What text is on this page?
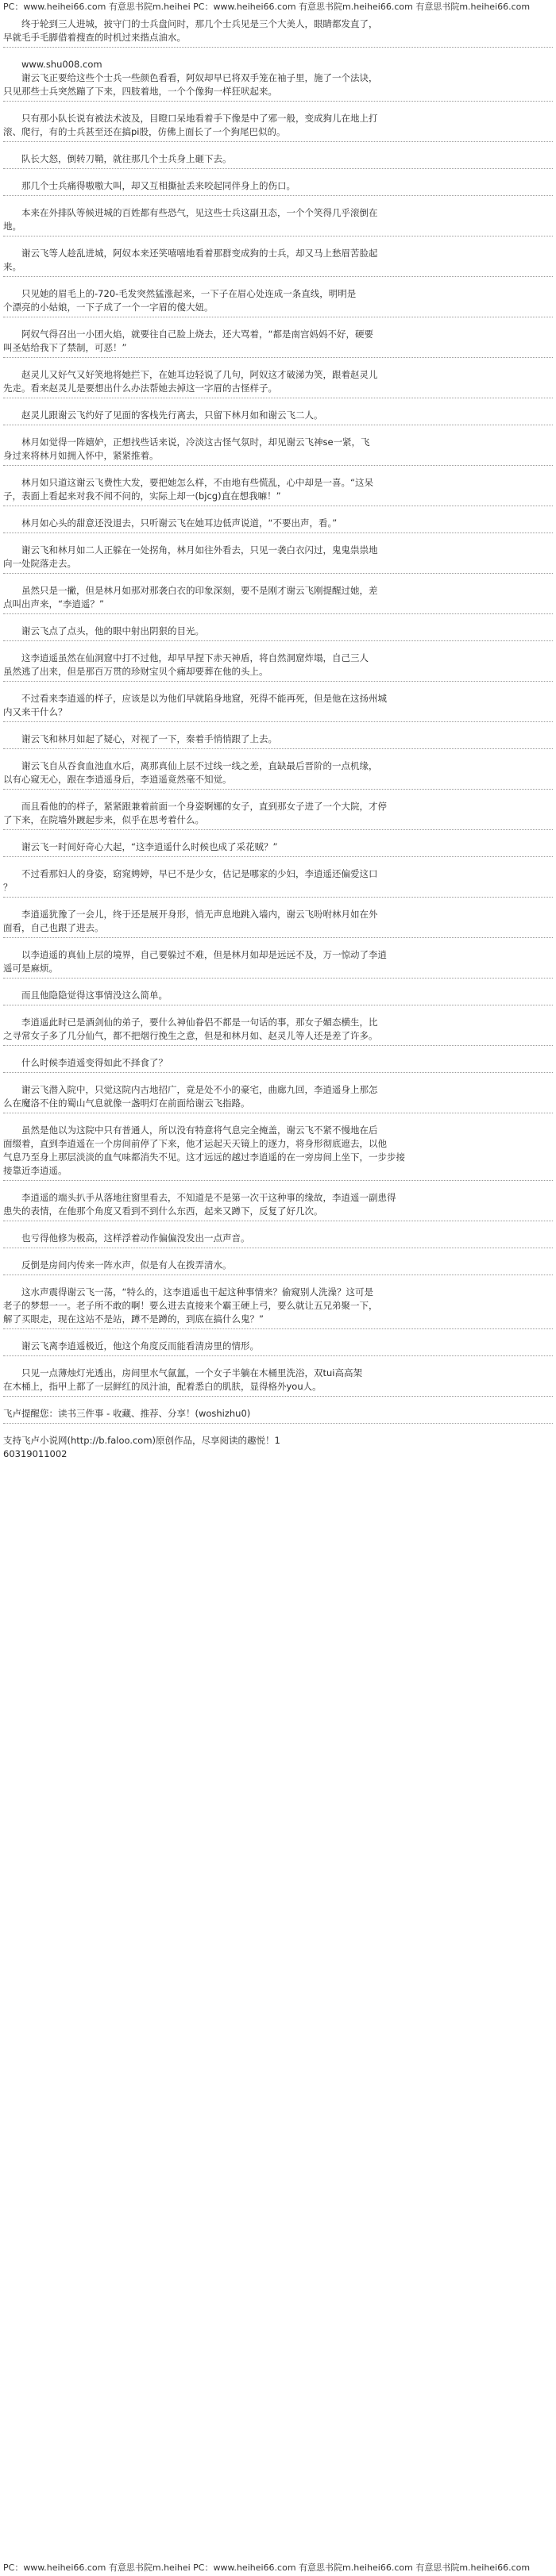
PC：www.heihei66.com 有意思书院m.heihei PC：www.heihei66.com 有意思书院m.heihei66.com 有意思书院m.heihei66.com
　　终于轮到三人进城，披守门的士兵盘问时，那几个士兵见是三个大美人，眼睛都发直了，
早就毛手毛脚借着搜查的时机过来揩点油水。
　　www.shu008.com
　　谢云飞正要给这些个士兵一些颜色看看，阿奴却早已将双手笼在袖子里，施了一个法诀，
只见那些士兵突然蹦了下来，四肢着地，一个个像狗一样狂吠起来。
　　只有那小队长说有被法术波及，目瞪口呆地看着手下像是中了邪一般，变成狗儿在地上打
滚、爬行，有的士兵甚至还在搞pi股，仿佛上面长了一个狗尾巴似的。
　　队长大怒，倒转刀鞘，就往那几个士兵身上砸下去。
　　那几个士兵痛得嗷嗷大叫，却又互相撕扯丢来咬起同伴身上的伤口。
　　本来在外排队等候进城的百姓都有些恐气，见这些士兵这副丑态，一个个笑得几乎滚倒在
地。
　　谢云飞等人趁乱进城，阿奴本来还笑嘻嘻地看着那群变成狗的士兵，却又马上愁眉苦脸起
来。
　　只见她的眉毛上的-720-毛发突然猛涨起来，一下子在眉心处连成一条直线，明明是
个漂亮的小姑娘，一下子成了一个一字眉的傻大妞。
　　阿奴气得召出一小团火焰，就要往自己脸上烧去，还大骂着，“都是南宫妈妈不好，硬要
叫圣姑给我下了禁制，可恶！”
　　赵灵儿又好气又好笑地将她拦下，在她耳边轻说了几句，阿奴这才破涕为笑，跟着赵灵儿
先走。看来赵灵儿是要想出什么办法帮她去掉这一字眉的古怪样子。
　　赵灵儿跟谢云飞约好了见面的客栈先行离去，只留下林月如和谢云飞二人。
　　林月如觉得一阵嬉妒，正想找些话来说，冷淡这古怪气氛时，却见谢云飞神se一紧，飞
身过来将林月如拥入怀中，紧紧推着。
　　林月如只道这谢云飞费性大发，要把她怎么样，不由地有些慌乱，心中却是一喜。“这呆
子，表面上看起来对我不闻不问的，实际上却一(bjcg)直在想我嘛！”
　　林月如心头的甜意还没退去，只听谢云飞在她耳边低声说道，“不要出声，看。”
　　谢云飞和林月如二人正躲在一处拐角，林月如往外看去，只见一袭白衣闪过，鬼鬼祟祟地
向一处院落走去。
　　虽然只是一撇，但是林月如那对那袭白衣的印象深刻，要不是刚才谢云飞刚提醒过她，差
点叫出声来，“李逍遥？”
　　谢云飞点了点头，他的眼中射出阴狠的目光。
　　这李逍遥虽然在仙洞窟中打不过他，却早早捏下赤天神盾，将自然洞窟炸塌，自己三人
虽然逃了出来，但是那百万贯的珍财宝贝个痛却要葬在他的头上。
　　不过看来李逍遥的样子，应该是以为他们早就陷身地窟，死得不能再死，但是他在这扬州城
内又来干什么？
　　谢云飞和林月如起了疑心，对视了一下，秦着手悄悄跟了上去。
　　谢云飞自从吞食血池血水后，离那真仙上层不过线一线之差，直缺最后晋阶的一点机缘，
以有心窥无心，跟在李逍遥身后，李逍遥竟然毫不知觉。
　　而且看他的的样子，紧紧跟兼着前面一个身姿婀娜的女子，直到那女子进了一个大院，才停
了下来，在院墙外踱起步来，似乎在思考着什么。
　　谢云飞一时间好奇心大起，“这李逍遥什么时候也成了采花贼？”
　　不过看那妇人的身姿，窈窕娉婷，早已不是少女，估记是哪家的少妇，李逍遥还偏爱这口
？
　　李逍遥犹豫了一会儿，终于还是展开身形，悄无声息地跳入墙内，谢云飞吩咐林月如在外
面看，自己也跟了进去。
　　以李逍遥的真仙上层的境界，自己要躲过不难，但是林月如却是远远不及，万一惊动了李逍
遥可是麻烦。
　　而且他隐隐觉得这事情没这么简单。
　　李逍遥此时已是酒剑仙的弟子，要什么神仙眷侣不都是一句话的事，那女子媚态横生，比
之寻常女子多了几分仙气，都不把烟行挽生之意，但是和林月如、赵灵儿等人还是差了许多。
　　什么时候李逍遥变得如此不择食了？
　　谢云飞潜入院中，只觉这院内古地招广，竟是处不小的豪宅，曲廊九回，李逍遥身上那怎
么在魔洛不住的蜀山气息就像一盏明灯在前面给谢云飞指路。
　　虽然是他以为这院中只有普通人，所以没有特意将气息完全掩盖，谢云飞不紧不慢地在后
面缀着，直到李逍遥在一个房间前停了下来，他才运起天天镜上的逐力，将身形彻底遮去，以他
气息乃至身上那层淡淡的血气味都消失不见。这才远远的越过李逍遥的在一旁房间上坐下，一步步接
接靠近李逍遥。
　　李逍遥的端头扒手从落地往窗里看去，不知道是不是第一次干这种事的缘故，李逍遥一副患得
患失的表情，在他那个角度又看到不到什么东西，起来又蹲下，反复了好几次。
　　也亏得他修为极高，这样浮着动作偏偏没发出一点声音。
　　反倒是房间内传来一阵水声，似是有人在拨弄清水。
　　这水声震得谢云飞一荡，“特么的，这李逍遥也干起这种事情来？偷窥别人洗澡？这可是
老子的梦想一一。老子所不敢的啊！要么进去直接来个霸王硬上弓，要么就让五兄弟聚一下，
解了买眼走，现在这站不是站，蹲不是蹲的，到底在搞什么鬼？”
　　谢云飞离李逍遥极近，他这个角度反而能看清房里的情形。
　　只见一点薄烛灯光透出，房间里水气氤氲，一个女子半躺在木桶里洗浴，双tui高高架
在木桶上，指甲上都了一层鲜红的凤汁油，配着悉白的肌肤，显得格外you人。
飞卢提醒您：读书三件事 - 收藏、推荐、分享！(woshizhu0)
支持飞卢小说网(http://b.faloo.com)原创作品，尽享阅读的趣悦！1
60319011002
PC：www.heihei66.com 有意思书院m.heihei PC：www.heihei66.com 有意思书院m.heihei66.com 有意思书院m.heihei66.com
